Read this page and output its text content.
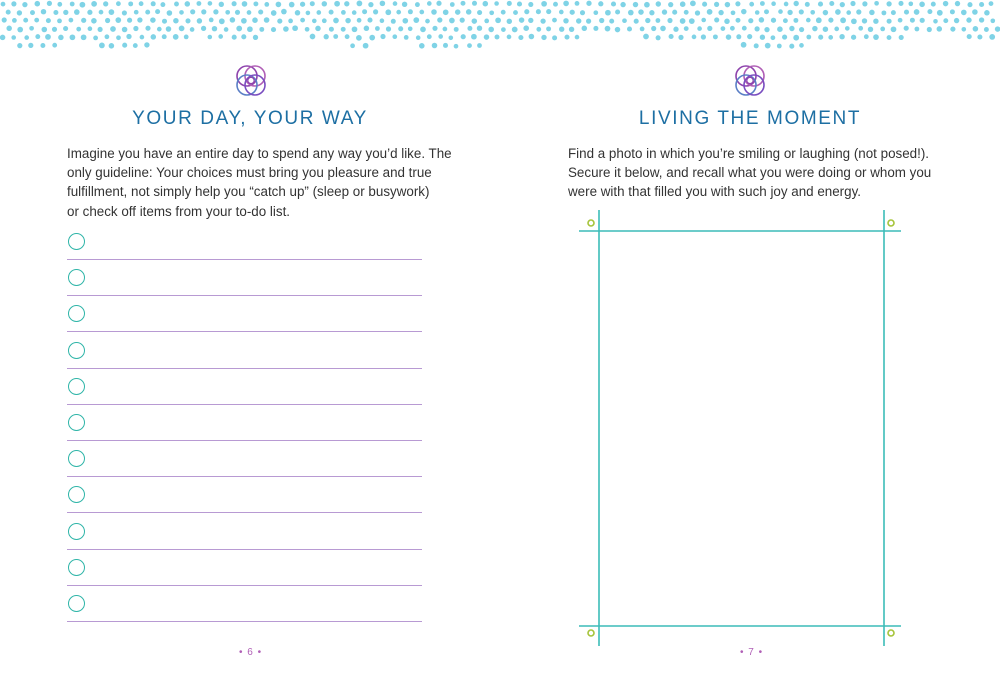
YOUR DAY, YOUR WAY
Imagine you have an entire day to spend any way you’d like. The
only guideline: Your choices must bring you pleasure and true
fulfillment, not simply help you “catch up” (sleep or busywork)
or check off items from your to-do list.
• 6 •
LIVING THE MOMENT
Find a photo in which you’re smiling or laughing (not posed!).
Secure it below, and recall what you were doing or whom you
were with that filled you with such joy and energy.
• 7 •
